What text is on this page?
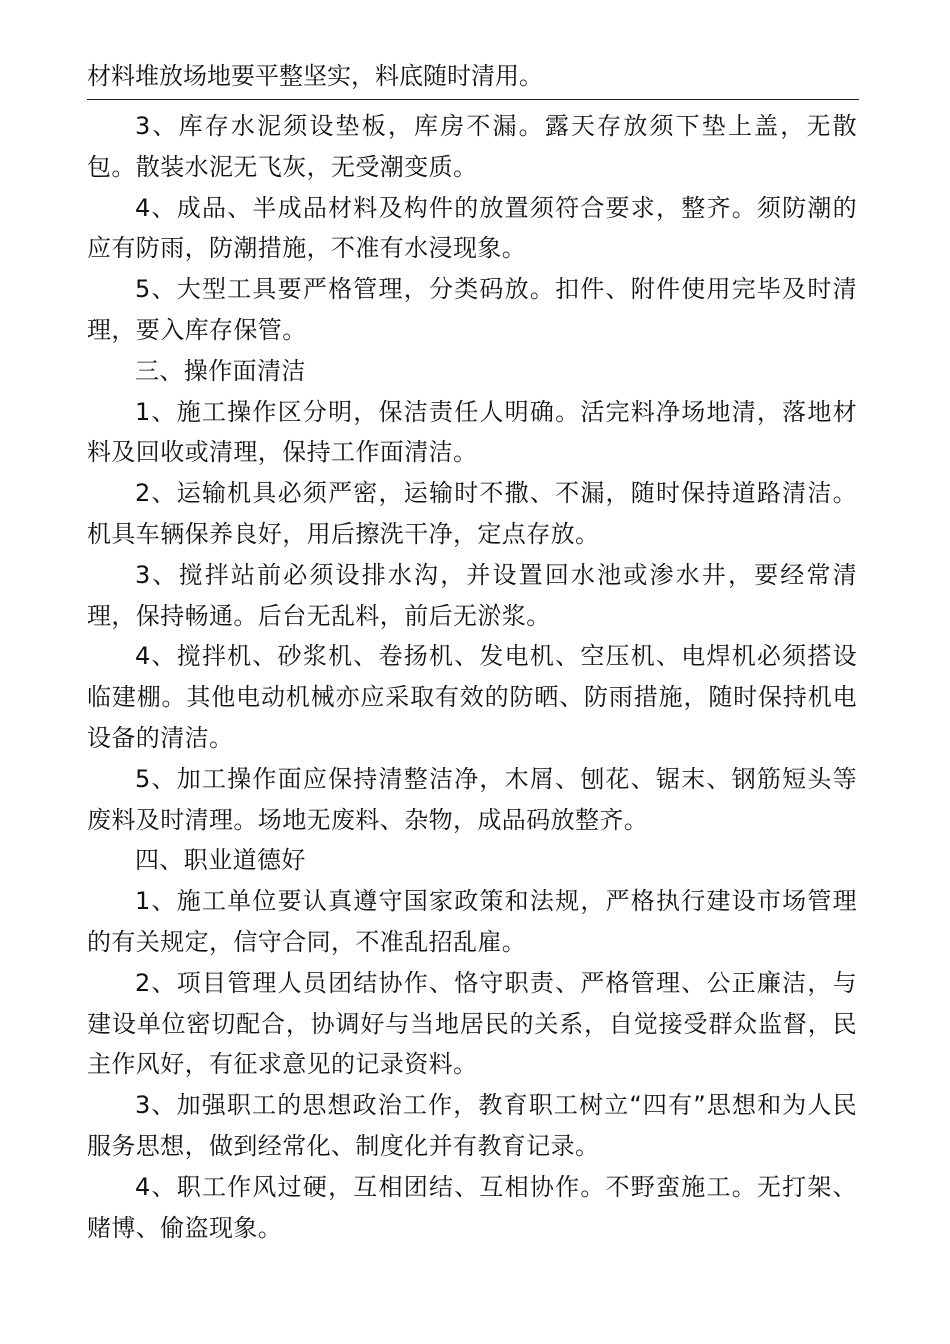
材料堆放场地要平整坚实，料底随时清用。

3、库存水泥须设垫板，库房不漏。露天存放须下垫上盖，无散包。散装水泥无飞灰，无受潮变质。

4、成品、半成品材料及构件的放置须符合要求，整齐。须防潮的应有防雨，防潮措施，不准有水浸现象。

5、大型工具要严格管理，分类码放。扣件、附件使用完毕及时清理，要入库存保管。

三、操作面清洁

1、施工操作区分明，保洁责任人明确。活完料净场地清，落地材料及回收或清理，保持工作面清洁。

2、运输机具必须严密，运输时不撒、不漏，随时保持道路清洁。机具车辆保养良好，用后擦洗干净，定点存放。

3、搅拌站前必须设排水沟，并设置回水池或渗水井，要经常清理，保持畅通。后台无乱料，前后无淤浆。

4、搅拌机、砂浆机、卷扬机、发电机、空压机、电焊机必须搭设临建棚。其他电动机械亦应采取有效的防晒、防雨措施，随时保持机电设备的清洁。

5、加工操作面应保持清整洁净，木屑、刨花、锯末、钢筋短头等废料及时清理。场地无废料、杂物，成品码放整齐。

四、职业道德好

1、施工单位要认真遵守国家政策和法规，严格执行建设市场管理的有关规定，信守合同，不准乱招乱雇。

2、项目管理人员团结协作、恪守职责、严格管理、公正廉洁，与建设单位密切配合，协调好与当地居民的关系，自觉接受群众监督，民主作风好，有征求意见的记录资料。

3、加强职工的思想政治工作，教育职工树立“四有”思想和为人民服务思想，做到经常化、制度化并有教育记录。

4、职工作风过硬，互相团结、互相协作。不野蛮施工。无打架、赌博、偷盗现象。
